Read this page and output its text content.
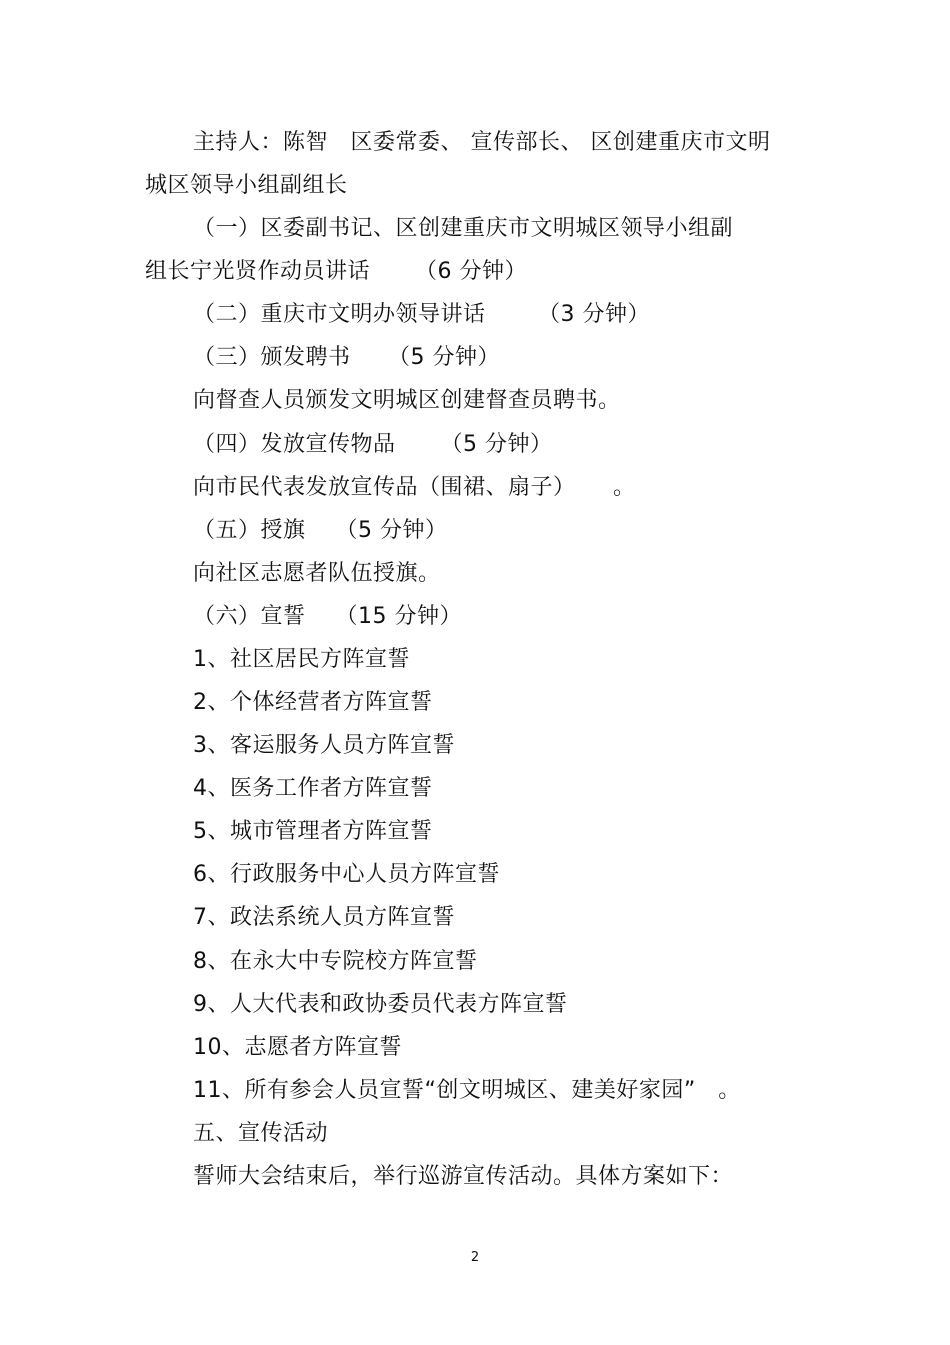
主持人：陈智   区委常委、 宣传部长、 区创建重庆市文明
城区领导小组副组长
（一）区委副书记、区创建重庆市文明城区领导小组副
组长宁光贤作动员讲话      （6 分钟）
（二）重庆市文明办领导讲话       （3 分钟）
（三）颁发聘书     （5 分钟）
向督查人员颁发文明城区创建督查员聘书。
（四）发放宣传物品      （5 分钟）
向市民代表发放宣传品（围裙、扇子）     。
（五）授旗    （5 分钟）
向社区志愿者队伍授旗。
（六）宣誓    （15 分钟）
1、社区居民方阵宣誓
2、个体经营者方阵宣誓
3、客运服务人员方阵宣誓
4、医务工作者方阵宣誓
5、城市管理者方阵宣誓
6、行政服务中心人员方阵宣誓
7、政法系统人员方阵宣誓
8、在永大中专院校方阵宣誓
9、人大代表和政协委员代表方阵宣誓
10、志愿者方阵宣誓
11、所有参会人员宣誓“创文明城区、建美好家园”   。
五、宣传活动
誓师大会结束后，举行巡游宣传活动。具体方案如下：
2
